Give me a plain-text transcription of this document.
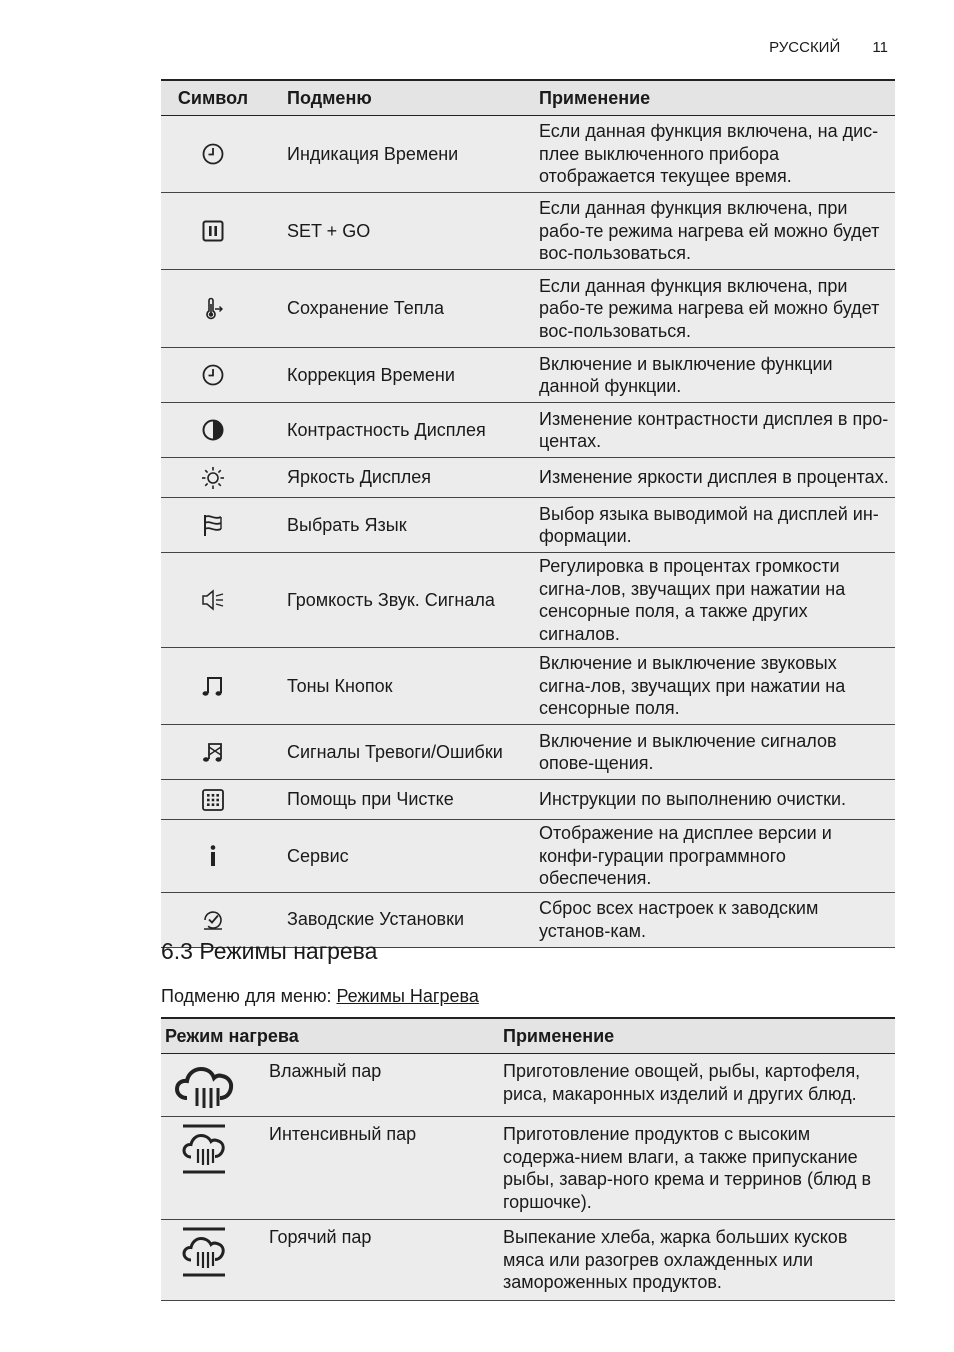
РУССКИЙ 11
Символ	Подменю	Применение

	Индикация Времени	Если данная функция включена, на дис-плее выключенного прибора отображается текущее время.

	SET + GO	Если данная функция включена, при рабо-те режима нагрева ей можно будет вос-пользоваться.

	Сохранение Тепла	Если данная функция включена, при рабо-те режима нагрева ей можно будет вос-пользоваться.

	Коррекция Времени	Включение и выключение функции данной функции.

	Контрастность Дисплея	Изменение контрастности дисплея в про-центах.

	Яркость Дисплея	Изменение яркости дисплея в процентах.

	Выбрать Язык	Выбор языка выводимой на дисплей ин-формации.

	Громкость Звук. Сигнала	Регулировка в процентах громкости сигна-лов, звучащих при нажатии на сенсорные поля, а также других сигналов.

	Тоны Кнопок	Включение и выключение звуковых сигна-лов, звучащих при нажатии на сенсорные поля.

	Сигналы Тревоги/Ошибки	Включение и выключение сигналов опове-щения.

	Помощь при Чистке	Инструкции по выполнению очистки.

	Сервис	Отображение на дисплее версии и конфи-гурации программного обеспечения.

	Заводские Установки	Сброс всех настроек к заводским установ-кам.
6.3 Режимы нагрева
Подменю для меню: Режимы Нагрева
Режим нагрева		Применение

	Влажный пар	Приготовление овощей, рыбы, картофеля, риса, макаронных изделий и других блюд.

	Интенсивный пар	Приготовление продуктов с высоким содержа-нием влаги, а также припускание рыбы, завар-ного крема и терринов (блюд в горшочке).

	Горячий пар	Выпекание хлеба, жарка больших кусков мяса или разогрев охлажденных или замороженных продуктов.
